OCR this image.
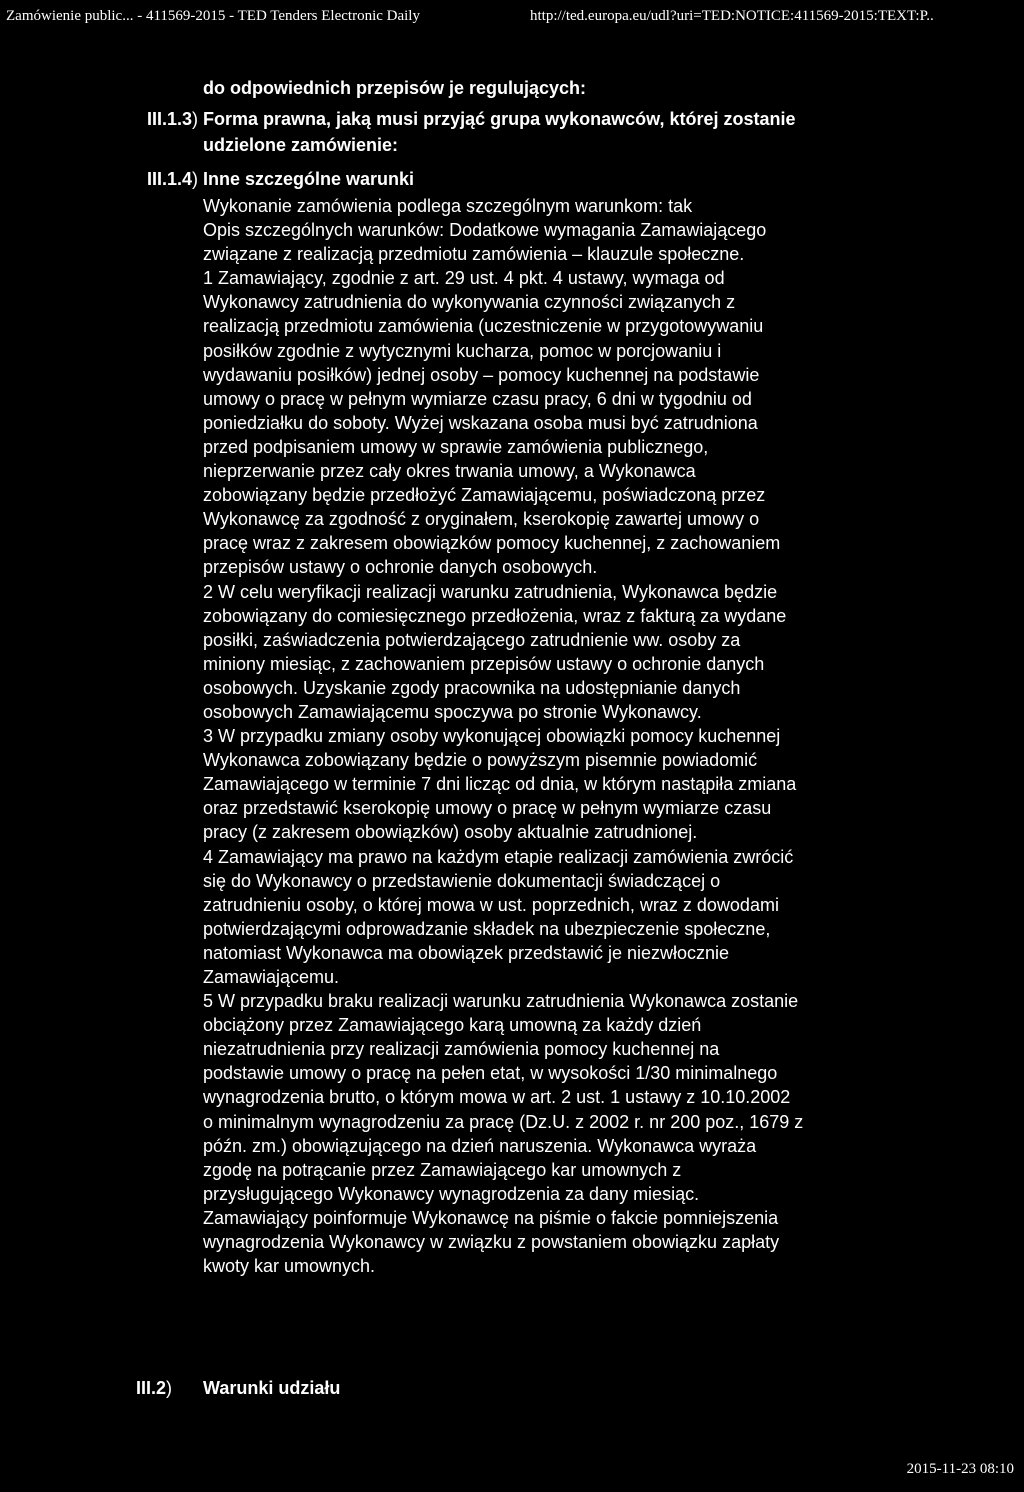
Zamówienie public... - 411569-2015 - TED Tenders Electronic Daily	http://ted.europa.eu/udl?uri=TED:NOTICE:411569-2015:TEXT:P..
do odpowiednich przepisów je regulujących:
III.1.3) Forma prawna, jaką musi przyjąć grupa wykonawców, której zostanie
udzielone zamówienie:
III.1.4) Inne szczególne warunki
Wykonanie zamówienia podlega szczególnym warunkom: tak
Opis szczególnych warunków: Dodatkowe wymagania Zamawiającego
związane z realizacją przedmiotu zamówienia – klauzule społeczne.
1 Zamawiający, zgodnie z art. 29 ust. 4 pkt. 4 ustawy, wymaga od
Wykonawcy zatrudnienia do wykonywania czynności związanych z
realizacją przedmiotu zamówienia (uczestniczenie w przygotowywaniu
posiłków zgodnie z wytycznymi kucharza, pomoc w porcjowaniu i
wydawaniu posiłków) jednej osoby – pomocy kuchennej na podstawie
umowy o pracę w pełnym wymiarze czasu pracy, 6 dni w tygodniu od
poniedziałku do soboty. Wyżej wskazana osoba musi być zatrudniona
przed podpisaniem umowy w sprawie zamówienia publicznego,
nieprzerwanie przez cały okres trwania umowy, a Wykonawca
zobowiązany będzie przedłożyć Zamawiającemu, poświadczoną przez
Wykonawcę za zgodność z oryginałem, kserokopię zawartej umowy o
pracę wraz z zakresem obowiązków pomocy kuchennej, z zachowaniem
przepisów ustawy o ochronie danych osobowych.
2 W celu weryfikacji realizacji warunku zatrudnienia, Wykonawca będzie
zobowiązany do comiesięcznego przedłożenia, wraz z fakturą za wydane
posiłki, zaświadczenia potwierdzającego zatrudnienie ww. osoby za
miniony miesiąc, z zachowaniem przepisów ustawy o ochronie danych
osobowych. Uzyskanie zgody pracownika na udostępnianie danych
osobowych Zamawiającemu spoczywa po stronie Wykonawcy.
3 W przypadku zmiany osoby wykonującej obowiązki pomocy kuchennej
Wykonawca zobowiązany będzie o powyższym pisemnie powiadomić
Zamawiającego w terminie 7 dni licząc od dnia, w którym nastąpiła zmiana
oraz przedstawić kserokopię umowy o pracę w pełnym wymiarze czasu
pracy (z zakresem obowiązków) osoby aktualnie zatrudnionej.
4 Zamawiający ma prawo na każdym etapie realizacji zamówienia zwrócić
się do Wykonawcy o przedstawienie dokumentacji świadczącej o
zatrudnieniu osoby, o której mowa w ust. poprzednich, wraz z dowodami
potwierdzającymi odprowadzanie składek na ubezpieczenie społeczne,
natomiast Wykonawca ma obowiązek przedstawić je niezwłocznie
Zamawiającemu.
5 W przypadku braku realizacji warunku zatrudnienia Wykonawca zostanie
obciążony przez Zamawiającego karą umowną za każdy dzień
niezatrudnienia przy realizacji zamówienia pomocy kuchennej na
podstawie umowy o pracę na pełen etat, w wysokości 1/30 minimalnego
wynagrodzenia brutto, o którym mowa w art. 2 ust. 1 ustawy z 10.10.2002
o minimalnym wynagrodzeniu za pracę (Dz.U. z 2002 r. nr 200 poz., 1679 z
późn. zm.) obowiązującego na dzień naruszenia. Wykonawca wyraża
zgodę na potrącanie przez Zamawiającego kar umownych z
przysługującego Wykonawcy wynagrodzenia za dany miesiąc.
Zamawiający poinformuje Wykonawcę na piśmie o fakcie pomniejszenia
wynagrodzenia Wykonawcy w związku z powstaniem obowiązku zapłaty
kwoty kar umownych.
III.2) Warunki udziału
2015-11-23 08:10
